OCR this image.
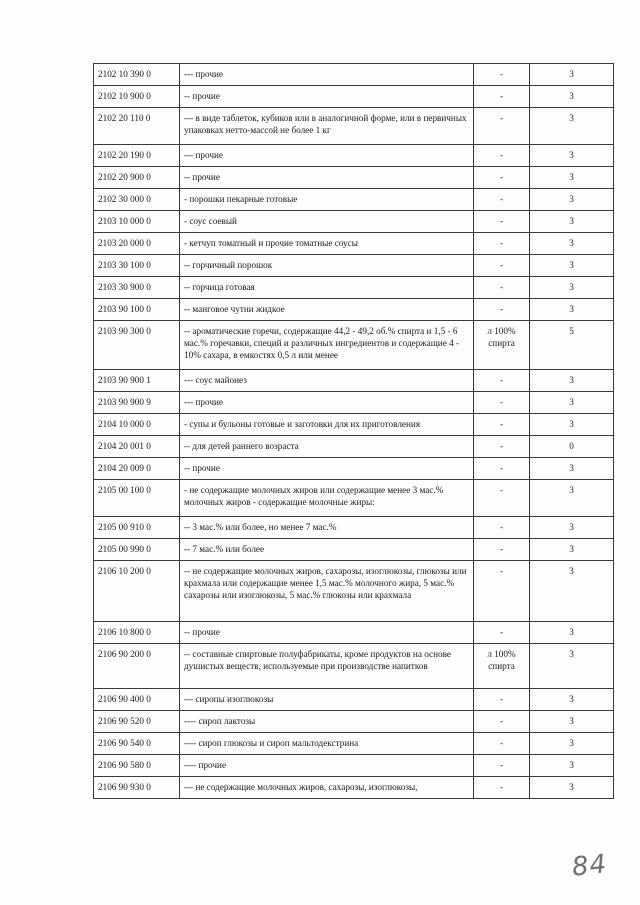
2102 10 390 0	--- прочие	-	3
2102 10 900 0	-- прочие	-	3
2102 20 110 0	--- в виде таблеток, кубиков или в аналогичной форме, или в первичных упаковках нетто-массой не более 1 кг	-	3
2102 20 190 0	--- прочие	-	3
2102 20 900 0	-- прочие	-	3
2102 30 000 0	- порошки пекарные готовые	-	3
2103 10 000 0	- соус соевый	-	3
2103 20 000 0	- кетчуп томатный и прочие томатные соусы	-	3
2103 30 100 0	-- горчичный порошок	-	3
2103 30 900 0	-- горчица готовая	-	3
2103 90 100 0	-- манговое чутни жидкое	-	3
2103 90 300 0	-- ароматические горечи, содержащие 44,2 - 49,2 об.% спирта и 1,5 - 6 мас.% горечавки, специй и различных ингредиентов и содержащие 4 - 10% сахара, в емкостях 0,5 л или менее	л 100% спирта	5
2103 90 900 1	--- соус майонез	-	3
2103 90 900 9	--- прочие	-	3
2104 10 000 0	- супы и бульоны готовые и заготовки для их приготовления	-	3
2104 20 001 0	-- для детей раннего возраста	-	0
2104 20 009 0	-- прочие	-	3
2105 00 100 0	- не содержащие молочных жиров или содержащие менее 3 мас.% молочных жиров - содержащие молочные жиры:	-	3
2105 00 910 0	-- 3 мас.% или более, но менее 7 мас.%	-	3
2105 00 990 0	-- 7 мас.% или более	-	3
2106 10 200 0	-- не содержащие молочных жиров, сахарозы, изоглюкозы, глюкозы или крахмала или содержащие менее 1,5 мас.% молочного жира, 5 мас.% сахарозы или изоглюкозы, 5 мас.% глюкозы или крахмала	-	3
2106 10 800 0	-- прочие	-	3
2106 90 200 0	-- составные спиртовые полуфабрикаты, кроме продуктов на основе душистых веществ, используемые при производстве напитков	л 100% спирта	3
2106 90 400 0	--- сиропы изоглюкозы	-	3
2106 90 520 0	---- сироп лактозы	-	3
2106 90 540 0	---- сироп глюкозы и сироп мальтодекстрина	-	3
2106 90 580 0	---- прочие	-	3
2106 90 930 0	--- не содержащие молочных жиров, сахарозы, изоглюкозы,	-	3
84
